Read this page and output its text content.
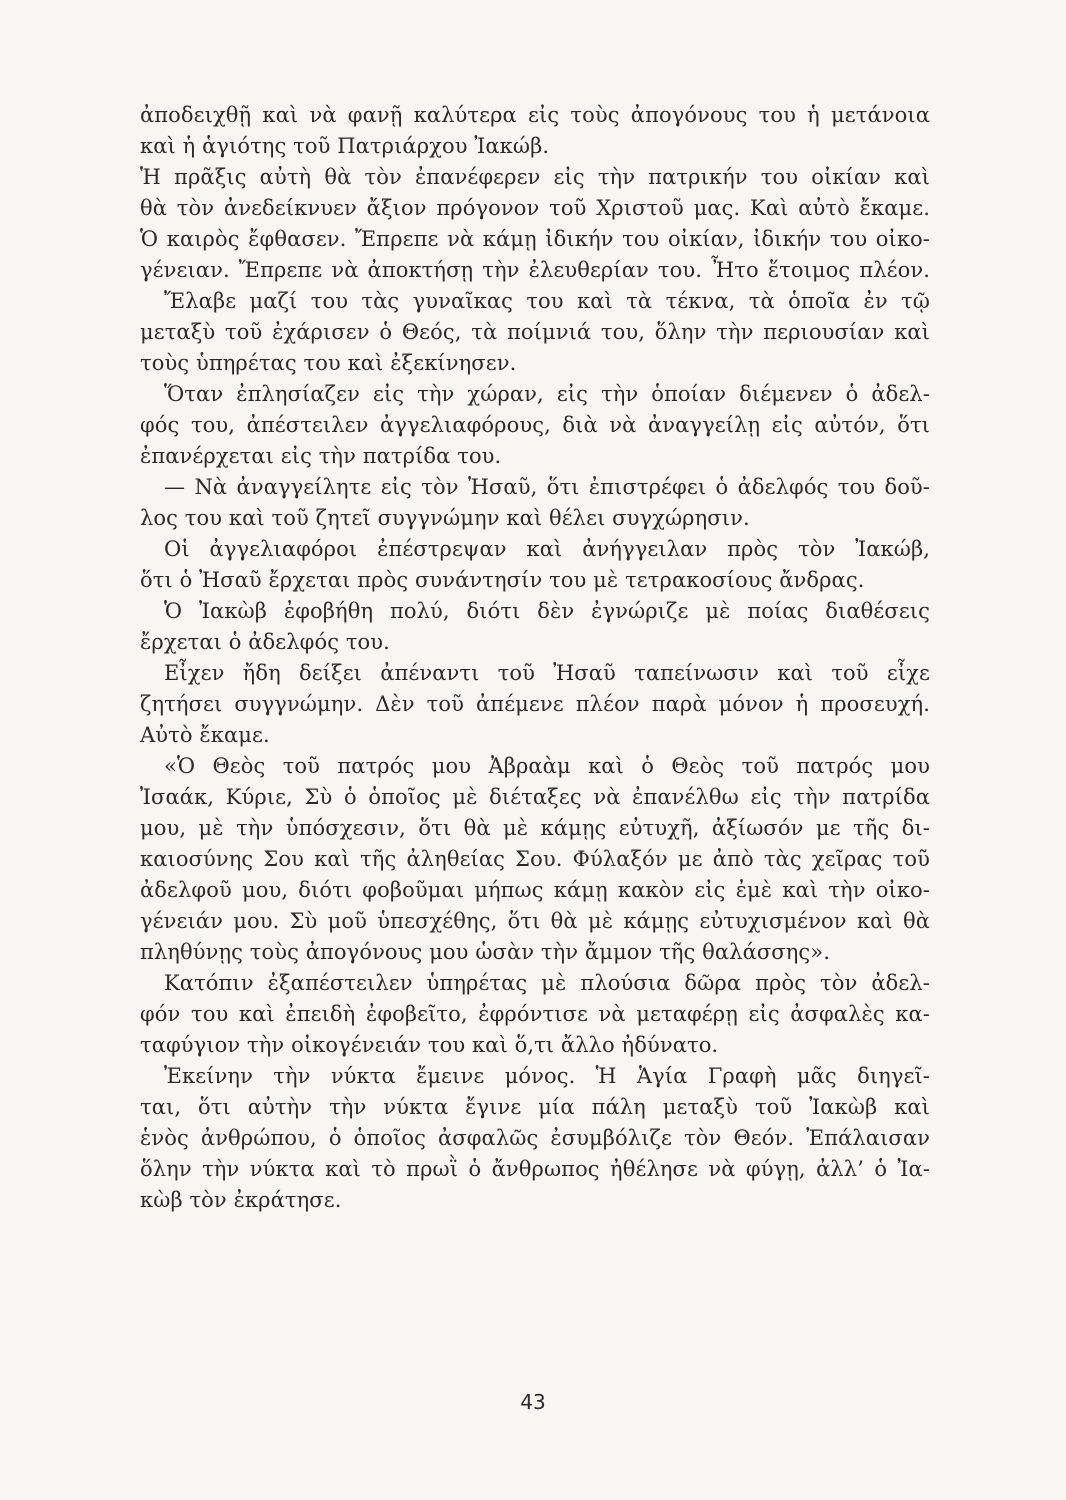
ἀποδειχθῇ καὶ νὰ φανῇ καλύτερα εἰς τοὺς ἀπογόνους του ἡ μετάνοια
καὶ ἡ ἁγιότης τοῦ Πατριάρχου Ἰακώβ.
Ἡ πρᾶξις αὐτὴ θὰ τὸν ἐπανέφερεν εἰς τὴν πατρικήν του οἰκίαν καὶ
θὰ τὸν ἀνεδείκνυεν ἄξιον πρόγονον τοῦ Χριστοῦ μας. Καὶ αὐτὸ ἔκαμε.
Ὁ καιρὸς ἔφθασεν. Ἔπρεπε νὰ κάμῃ ἰδικήν του οἰκίαν, ἰδικήν του οἰκο-
γένειαν. Ἔπρεπε νὰ ἀποκτήσῃ τὴν ἐλευθερίαν του. Ἦτο ἕτοιμος πλέον.
Ἔλαβε μαζί του τὰς γυναῖκας του καὶ τὰ τέκνα, τὰ ὁποῖα ἐν τῷ
μεταξὺ τοῦ ἐχάρισεν ὁ Θεός, τὰ ποίμνιά του, ὅλην τὴν περιουσίαν καὶ
τοὺς ὑπηρέτας του καὶ ἐξεκίνησεν.
Ὅταν ἐπλησίαζεν εἰς τὴν χώραν, εἰς τὴν ὁποίαν διέμενεν ὁ ἀδελ-
φός του, ἀπέστειλεν ἀγγελιαφόρους, διὰ νὰ ἀναγγείλῃ εἰς αὐτόν, ὅτι
ἐπανέρχεται εἰς τὴν πατρίδα του.
— Νὰ ἀναγγείλητε εἰς τὸν Ἠσαῦ, ὅτι ἐπιστρέφει ὁ ἀδελφός του δοῦ-
λος του καὶ τοῦ ζητεῖ συγγνώμην καὶ θέλει συγχώρησιν.
Οἱ ἀγγελιαφόροι ἐπέστρεψαν καὶ ἀνήγγειλαν πρὸς τὸν Ἰακώβ,
ὅτι ὁ Ἠσαῦ ἔρχεται πρὸς συνάντησίν του μὲ τετρακοσίους ἄνδρας.
Ὁ Ἰακὼβ ἐφοβήθη πολύ, διότι δὲν ἐγνώριζε μὲ ποίας διαθέσεις
ἔρχεται ὁ ἀδελφός του.
Εἶχεν ἤδη δείξει ἀπέναντι τοῦ Ἠσαῦ ταπείνωσιν καὶ τοῦ εἶχε
ζητήσει συγγνώμην. Δὲν τοῦ ἀπέμενε πλέον παρὰ μόνον ἡ προσευχή.
Αὐτὸ ἔκαμε.
«Ὁ Θεὸς τοῦ πατρός μου Ἀβραὰμ καὶ ὁ Θεὸς τοῦ πατρός μου
Ἰσαάκ, Κύριε, Σὺ ὁ ὁποῖος μὲ διέταξες νὰ ἐπανέλθω εἰς τὴν πατρίδα
μου, μὲ τὴν ὑπόσχεσιν, ὅτι θὰ μὲ κάμῃς εὐτυχῆ, ἀξίωσόν με τῆς δι-
καιοσύνης Σου καὶ τῆς ἀληθείας Σου. Φύλαξόν με ἀπὸ τὰς χεῖρας τοῦ
ἀδελφοῦ μου, διότι φοβοῦμαι μήπως κάμῃ κακὸν εἰς ἐμὲ καὶ τὴν οἰκο-
γένειάν μου. Σὺ μοῦ ὑπεσχέθης, ὅτι θὰ μὲ κάμῃς εὐτυχισμένον καὶ θὰ
πληθύνῃς τοὺς ἀπογόνους μου ὡσὰν τὴν ἄμμον τῆς θαλάσσης».
Κατόπιν ἐξαπέστειλεν ὑπηρέτας μὲ πλούσια δῶρα πρὸς τὸν ἀδελ-
φόν του καὶ ἐπειδὴ ἐφοβεῖτο, ἐφρόντισε νὰ μεταφέρῃ εἰς ἀσφαλὲς κα-
ταφύγιον τὴν οἰκογένειάν του καὶ ὅ,τι ἄλλο ἠδύνατο.
Ἐκείνην τὴν νύκτα ἔμεινε μόνος. Ἡ Ἁγία Γραφὴ μᾶς διηγεῖ-
ται, ὅτι αὐτὴν τὴν νύκτα ἔγινε μία πάλη μεταξὺ τοῦ Ἰακὼβ καὶ
ἑνὸς ἀνθρώπου, ὁ ὁποῖος ἀσφαλῶς ἐσυμβόλιζε τὸν Θεόν. Ἐπάλαισαν
ὅλην τὴν νύκτα καὶ τὸ πρωῒ ὁ ἄνθρωπος ἠθέλησε νὰ φύγῃ, ἀλλ’ ὁ Ἰα-
κὼβ τὸν ἐκράτησε.
43
